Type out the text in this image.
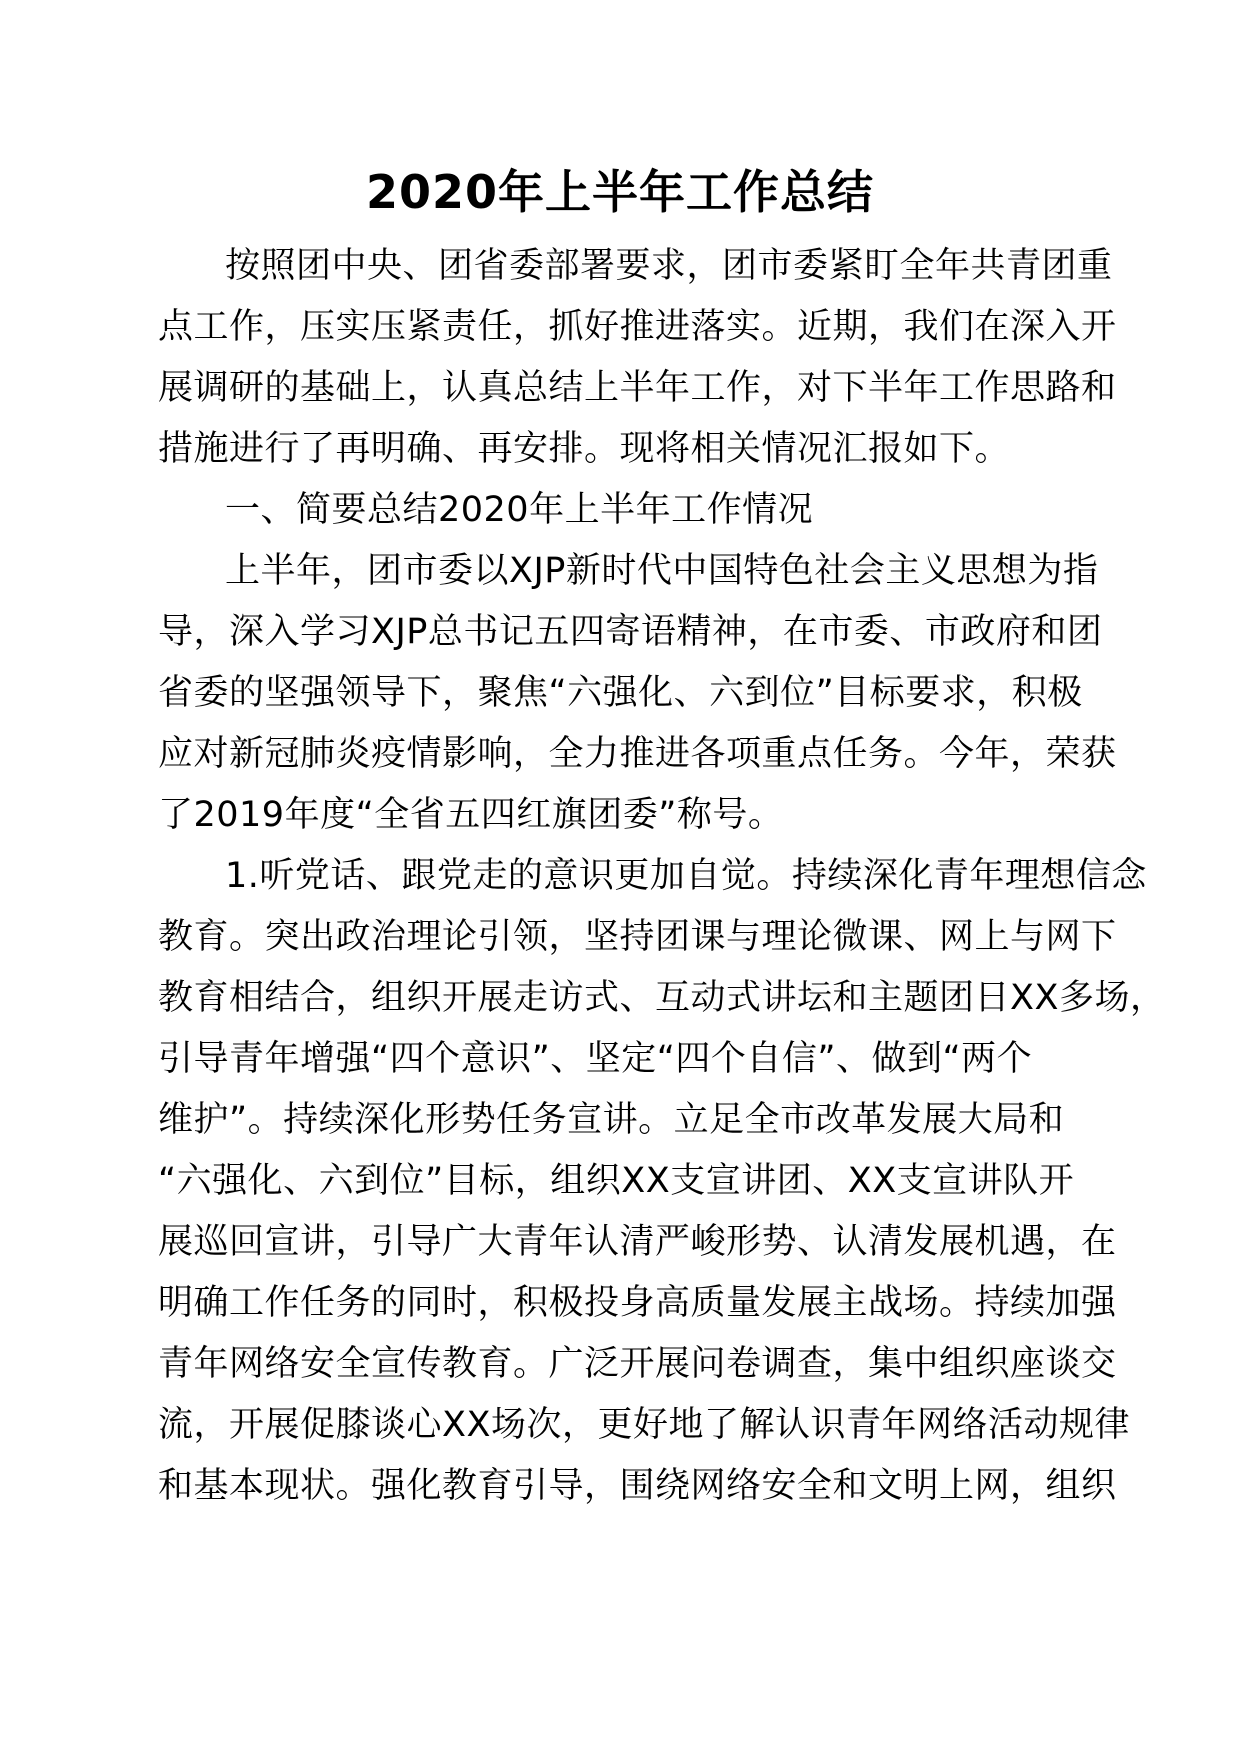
2020年上半年工作总结
按照团中央、团省委部署要求，团市委紧盯全年共青团重
点工作，压实压紧责任，抓好推进落实。近期，我们在深入开
展调研的基础上，认真总结上半年工作，对下半年工作思路和
措施进行了再明确、再安排。现将相关情况汇报如下。
一、简要总结2020年上半年工作情况
上半年，团市委以XJP新时代中国特色社会主义思想为指
导，深入学习XJP总书记五四寄语精神，在市委、市政府和团
省委的坚强领导下，聚焦“六强化、六到位”目标要求，积极
应对新冠肺炎疫情影响，全力推进各项重点任务。今年，荣获
了2019年度“全省五四红旗团委”称号。
1.听党话、跟党走的意识更加自觉。持续深化青年理想信念
教育。突出政治理论引领，坚持团课与理论微课、网上与网下
教育相结合，组织开展走访式、互动式讲坛和主题团日XX多场，
引导青年增强“四个意识”、坚定“四个自信”、做到“两个
维护”。持续深化形势任务宣讲。立足全市改革发展大局和
“六强化、六到位”目标，组织XX支宣讲团、XX支宣讲队开
展巡回宣讲，引导广大青年认清严峻形势、认清发展机遇，在
明确工作任务的同时，积极投身高质量发展主战场。持续加强
青年网络安全宣传教育。广泛开展问卷调查，集中组织座谈交
流，开展促膝谈心XX场次，更好地了解认识青年网络活动规律
和基本现状。强化教育引导，围绕网络安全和文明上网，组织
